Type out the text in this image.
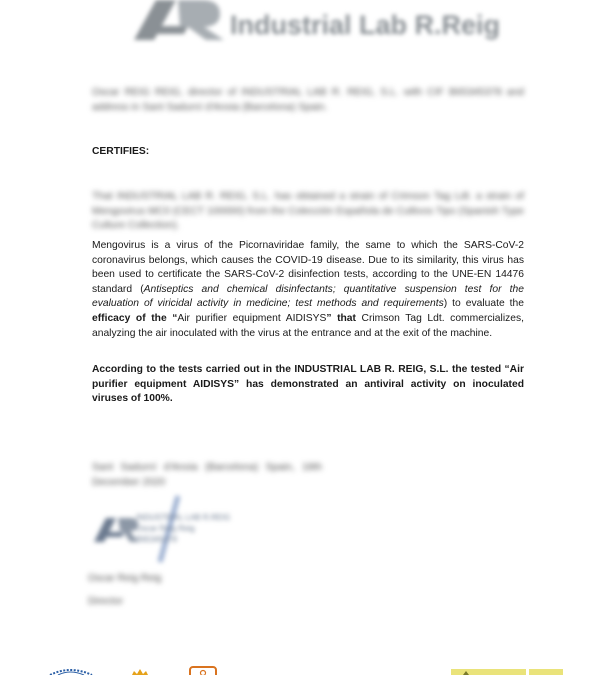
Industrial Lab R.Reig
Oscar REIG REIG, director of INDUSTRIAL LAB R. REIG, S.L. with CIF B65345378 and address in Sant Sadurní d'Anoia (Barcelona) Spain.
CERTIFIES:
That INDUSTRIAL LAB R. REIG, S.L. has obtained a strain of Crimson Tag Ldt. a strain of Mengovirus MC0 (CECT 100000) from the Colección Española de Cultivos Tipo (Spanish Type Culture Collection).
Mengovirus is a virus of the Picornaviridae family, the same to which the SARS-CoV-2 coronavirus belongs, which causes the COVID-19 disease. Due to its similarity, this virus has been used to certificate the SARS-CoV-2 disinfection tests, according to the UNE-EN 14476 standard (Antiseptics and chemical disinfectants; quantitative suspension test for the evaluation of viricidal activity in medicine; test methods and requirements) to evaluate the efficacy of the “Air purifier equipment AIDISYS” that Crimson Tag Ldt. commercializes, analyzing the air inoculated with the virus at the entrance and at the exit of the machine.
According to the tests carried out in the INDUSTRIAL LAB R. REIG, S.L. the tested “Air purifier equipment AIDISYS” has demonstrated an antiviral activity on inoculated viruses of 100%.
Sant Sadurní d'Anoia (Barcelona) Spain, 18th December 2020
INDUSTRIAL LAB R.REIG
Oscar Reig Reig
B65345378
Oscar Reig Reig
Director
